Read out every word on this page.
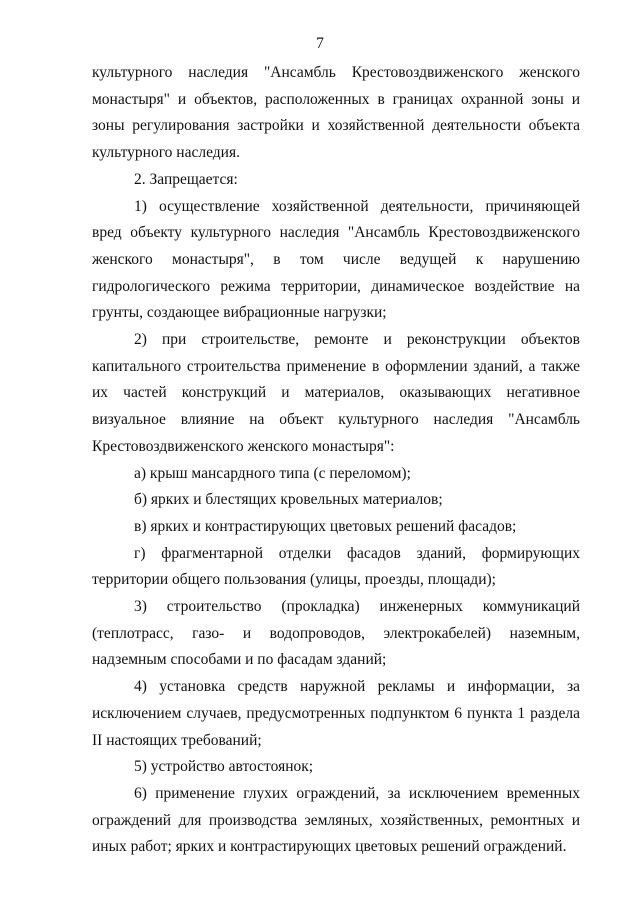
7

культурного наследия "Ансамбль Крестовоздвиженского женского монастыря" и объектов, расположенных в границах охранной зоны и зоны регулирования застройки и хозяйственной деятельности объекта культурного наследия.

2. Запрещается:

1) осуществление хозяйственной деятельности, причиняющей вред объекту культурного наследия "Ансамбль Крестовоздвиженского женского монастыря", в том числе ведущей к нарушению гидрологического режима территории, динамическое воздействие на грунты, создающее вибрационные нагрузки;

2) при строительстве, ремонте и реконструкции объектов капитального строительства применение в оформлении зданий, а также их частей конструкций и материалов, оказывающих негативное визуальное влияние на объект культурного наследия "Ансамбль Крестовоздвиженского женского монастыря":

а) крыш мансардного типа (с переломом);

б) ярких и блестящих кровельных материалов;

в) ярких и контрастирующих цветовых решений фасадов;

г) фрагментарной отделки фасадов зданий, формирующих территории общего пользования (улицы, проезды, площади);

3) строительство (прокладка) инженерных коммуникаций (теплотрасс, газо- и водопроводов, электрокабелей) наземным, надземным способами и по фасадам зданий;

4) установка средств наружной рекламы и информации, за исключением случаев, предусмотренных подпунктом 6 пункта 1 раздела II настоящих требований;

5) устройство автостоянок;

6) применение глухих ограждений, за исключением временных ограждений для производства земляных, хозяйственных, ремонтных и иных работ; ярких и контрастирующих цветовых решений ограждений.
